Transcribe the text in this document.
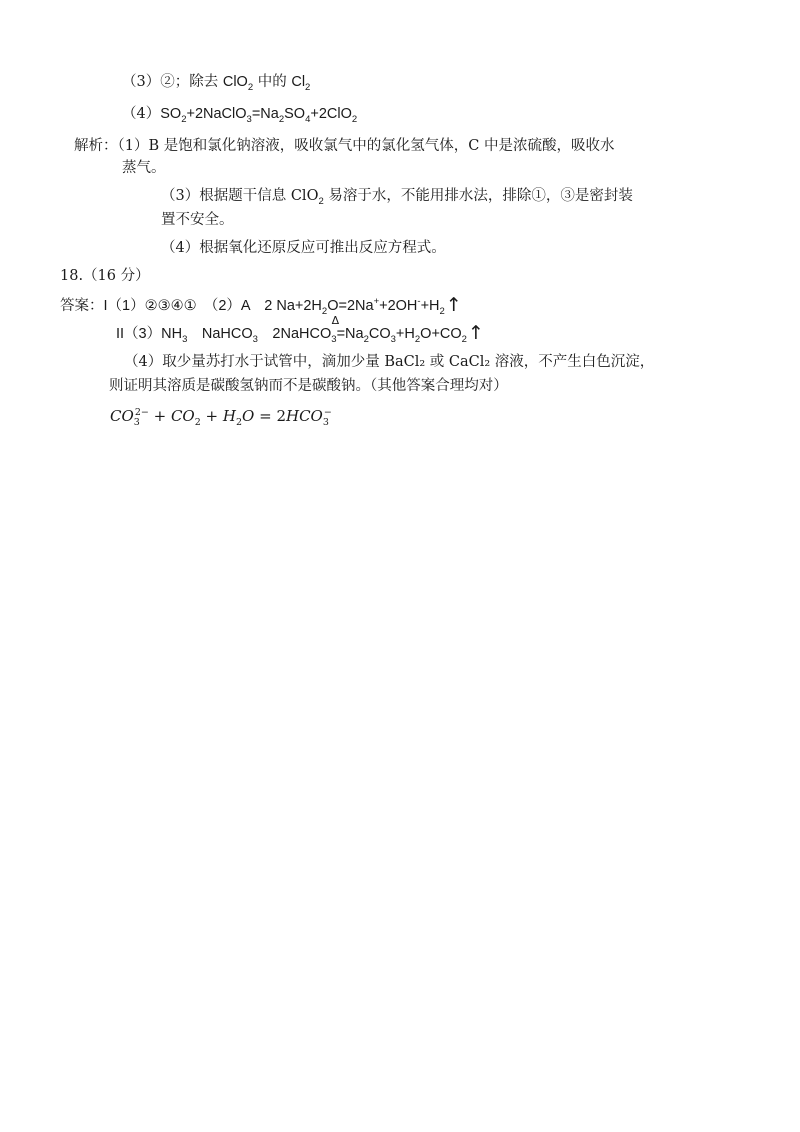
（3）②；除去 ClO$_2$ 中的 $Cl_2$
$(4)SO_2+2NaClO_3=Na_2SO_4+2ClO_2$
解析：（1）B 是饱和氯化钠溶液，吸收氯气中的氯化氢气体，C 中是浓硫酸，吸收水
蒸气。
（3）根据题干信息 ClO$_2$ 易溶于水，不能用排水法，排除①，③是密封装
置不安全。
（4）根据氧化还原反应可推出反应方程式。
18.（16 分）
答案：I（1）②③④①　（2）A　2 $Na+2H_2O=2Na^++2OH^-+H_2↑$
$II(3)NH_3$　NaHCO$_3$　2NaHCO$_3$
Δ
$=Na_2CO_3+H_2O+CO_2↑$
（4）取少量苏打水于试管中，滴加少量 BaCl₂ 或 CaCl₂ 溶液，不产生白色沉淀，
则证明其溶质是碳酸氢钠而不是碳酸钠。（其他答案合理均对）
$CO_3^{2-} + CO_2 + H_2O = 2HCO_3^-$
